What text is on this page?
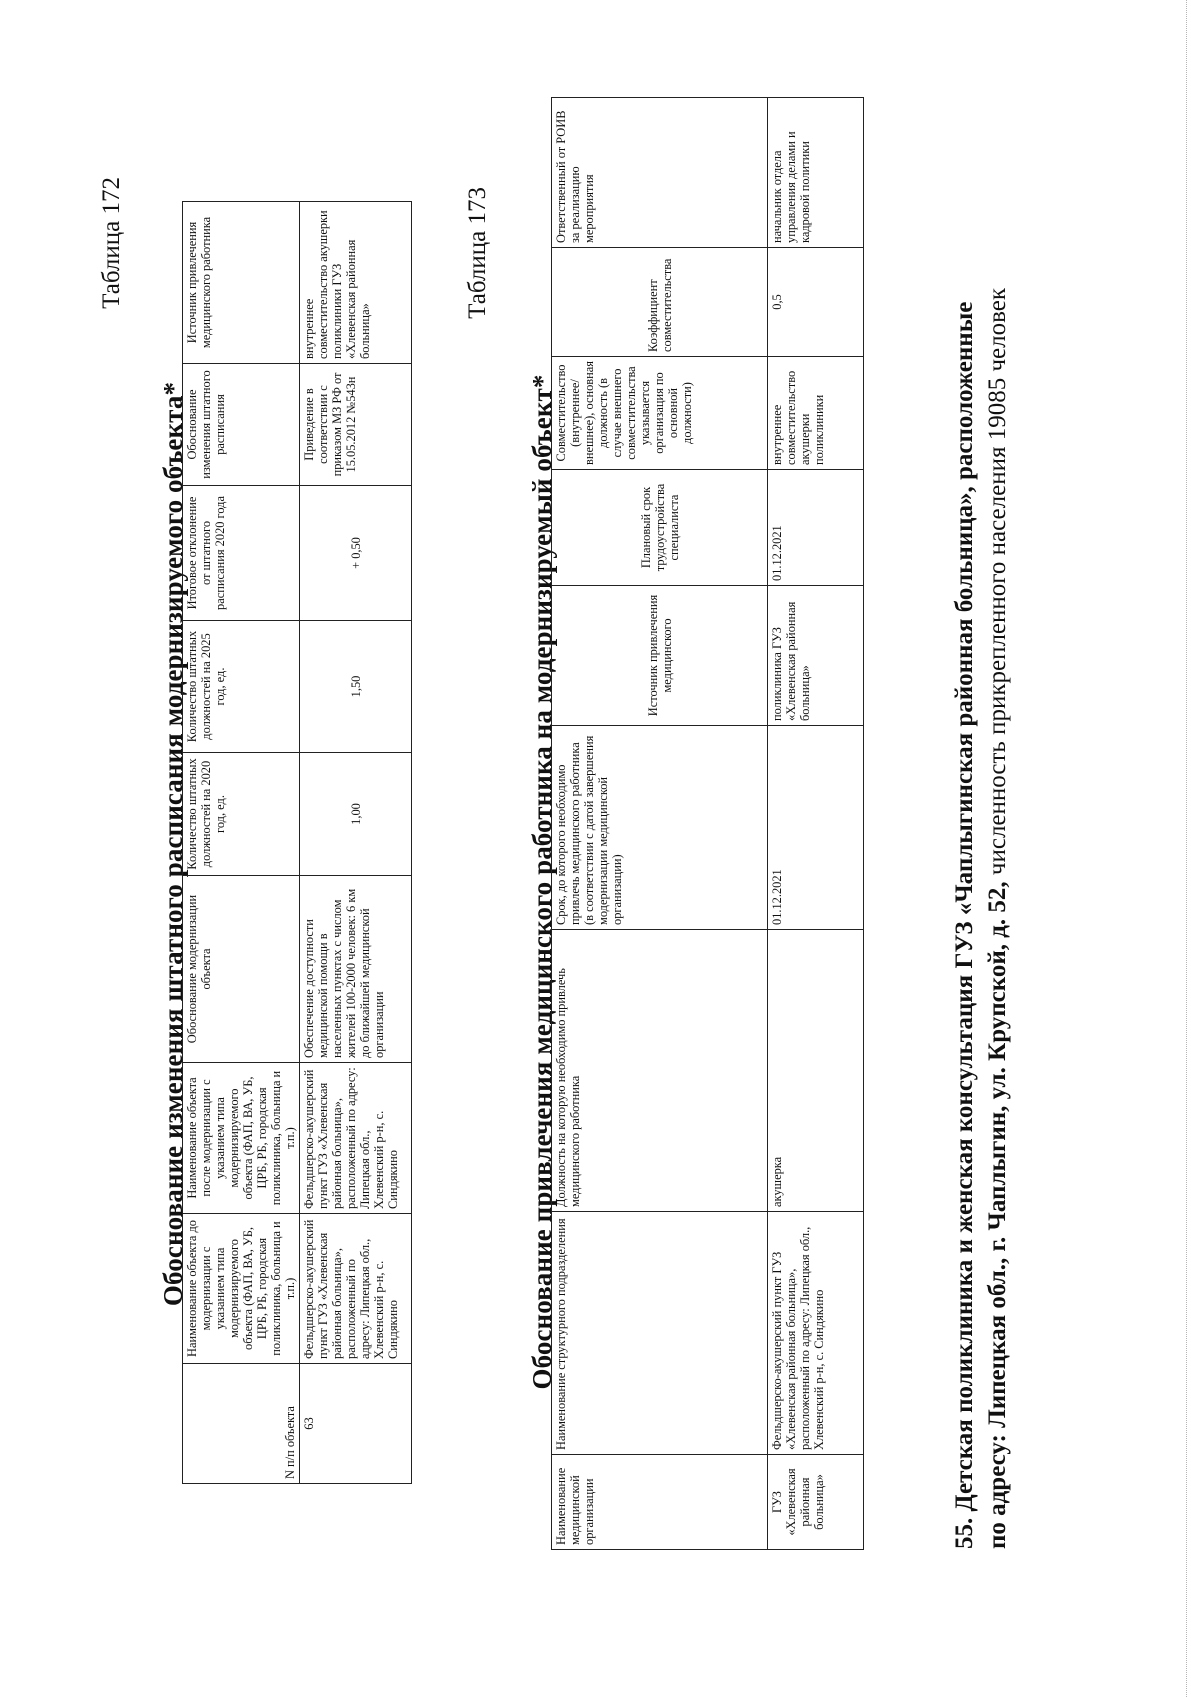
Таблица 172
Обоснование изменения штатного расписания модернизируемого объекта*
N п/п объекта	Наименование объекта до модернизации с указанием типа модернизируемого объекта (ФАП, ВА, УБ, ЦРБ, РБ, городская поликлиника, больница и т.п.)	Наименование объекта после модернизации с указанием типа модернизируемого объекта (ФАП, ВА, УБ, ЦРБ, РБ, городская поликлиника, больница и т.п.)	Обоснование модернизации объекта	Количество штатных должностей на 2020 год, ед.	Количество штатных должностей на 2025 год, ед.	Итоговое отклонение от штатного расписания 2020 года	Обоснование изменения штатного расписания	Источник привлечения медицинского работника
63	Фельдшерско-акушерский пункт ГУЗ «Хлевенская районная больница», расположенный по адресу: Липецкая обл., Хлевенский р-н, с. Синдякино	Фельдшерско-акушерский пункт ГУЗ «Хлевенская районная больница», расположенный по адресу: Липецкая обл., Хлевенский р-н, с. Синдякино	Обеспечение доступности медицинской помощи в населенных пунктах с числом жителей 100-2000 человек: 6 км до ближайшей медицинской организации	1,00	1,50	+ 0,50	Приведение в соответствии с приказом МЗ РФ от 15.05.2012 №543н	внутреннее совместительство акушерки поликлиники ГУЗ «Хлевенская районная больница»
Таблица 173
Обоснование привлечения медицинского работника на модернизируемый объект*
Наименование медицинской организации	Наименование структурного подразделения	Должность на которую необходимо привлечь медицинского работника	Срок, до которого необходимо привлечь медицинского работника (в соответствии с датой завершения модернизации медицинской организации)	Источник привлечения медицинского	Плановый срок трудоустройства специалиста	Совместительство (внутреннее/внешнее), основная должность (в случае внешнего совместительства указывается организация по основной должности)	Коэффициент совместительства	Ответственный от РОИВ за реализацию мероприятия
ГУЗ «Хлевенская районная больница»	Фельдшерско-акушерский пункт ГУЗ «Хлевенская районная больница», расположенный по адресу: Липецкая обл., Хлевенский р-н, с. Синдякино	акушерка	01.12.2021	поликлиника ГУЗ «Хлевенская районная больница»	01.12.2021	внутреннее совместительство акушерки поликлиники	0,5	начальник отдела управления делами и кадровой политики
55. Детская поликлиника и женская консультация ГУЗ «Чаплыгинская районная больница», расположенные по адресу: Липецкая обл., г. Чаплыгин, ул. Крупской, д. 52, численность прикрепленного населения 19085 человек
